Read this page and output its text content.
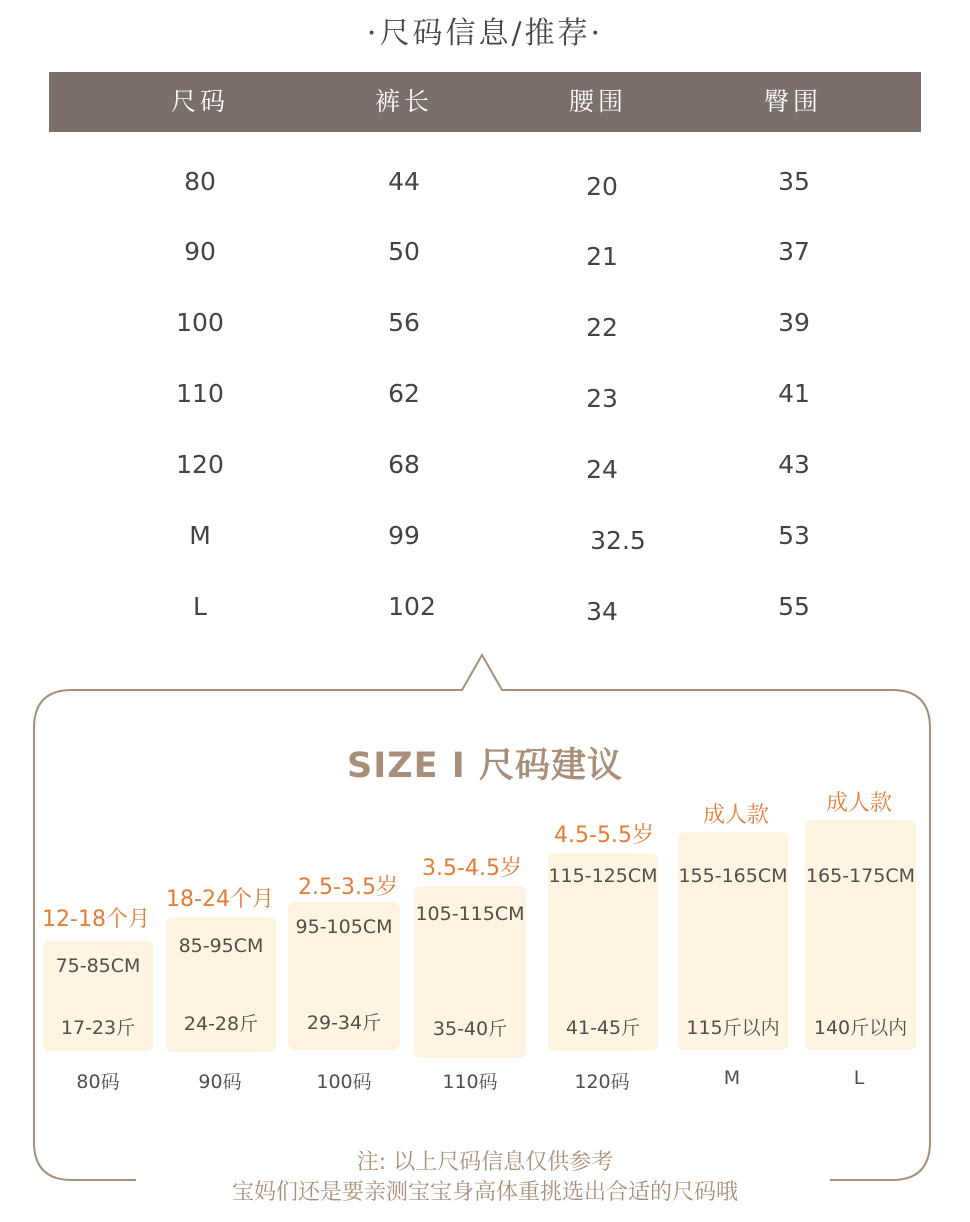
·尺码信息/推荐·
尺码	裤长	腰围	臀围
80	44	20	35
90	50	21	37
100	56	22	39
110	62	23	41
120	68	24	43
M	99	32.5	53
L	102	34	55
SIZE I 尺码建议
12-18个月
75-85CM
17-23斤
80码
18-24个月
85-95CM
24-28斤
90码
2.5-3.5岁
95-105CM
29-34斤
100码
3.5-4.5岁
105-115CM
35-40斤
110码
4.5-5.5岁
115-125CM
41-45斤
120码
成人款
155-165CM
115斤以内
M
成人款
165-175CM
140斤以内
L
注: 以上尺码信息仅供参考
宝妈们还是要亲测宝宝身高体重挑选出合适的尺码哦
